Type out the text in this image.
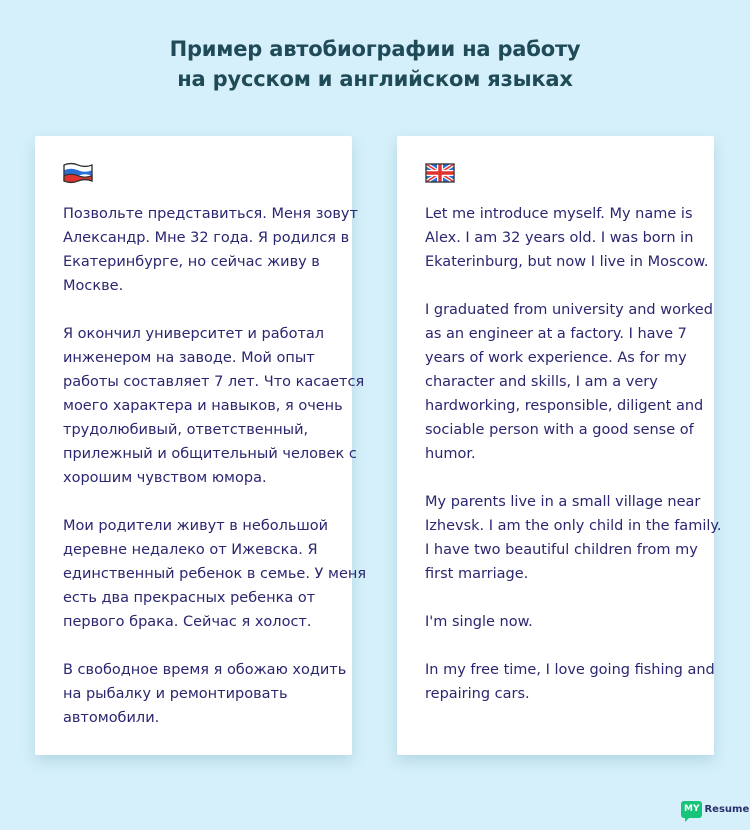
Пример автобиографии на работу
на русском и английском языках
Позвольте представиться. Меня зовут
Александр. Мне 32 года. Я родился в
Екатеринбурге, но сейчас живу в
Москве.
Я окончил университет и работал
инженером на заводе. Мой опыт
работы составляет 7 лет. Что касается
моего характера и навыков, я очень
трудолюбивый, ответственный,
прилежный и общительный человек с
хорошим чувством юмора.
Мои родители живут в небольшой
деревне недалеко от Ижевска. Я
единственный ребенок в семье. У меня
есть два прекрасных ребенка от
первого брака. Сейчас я холост.
В свободное время я обожаю ходить
на рыбалку и ремонтировать
автомобили.
Let me introduce myself. My name is
Alex. I am 32 years old. I was born in
Ekaterinburg, but now I live in Moscow.
I graduated from university and worked
as an engineer at a factory. I have 7
years of work experience. As for my
character and skills, I am a very
hardworking, responsible, diligent and
sociable person with a good sense of
humor.
My parents live in a small village near
Izhevsk. I am the only child in the family.
I have two beautiful children from my
first marriage.
I'm single now.
In my free time, I love going fishing and
repairing cars.
MY Resume
